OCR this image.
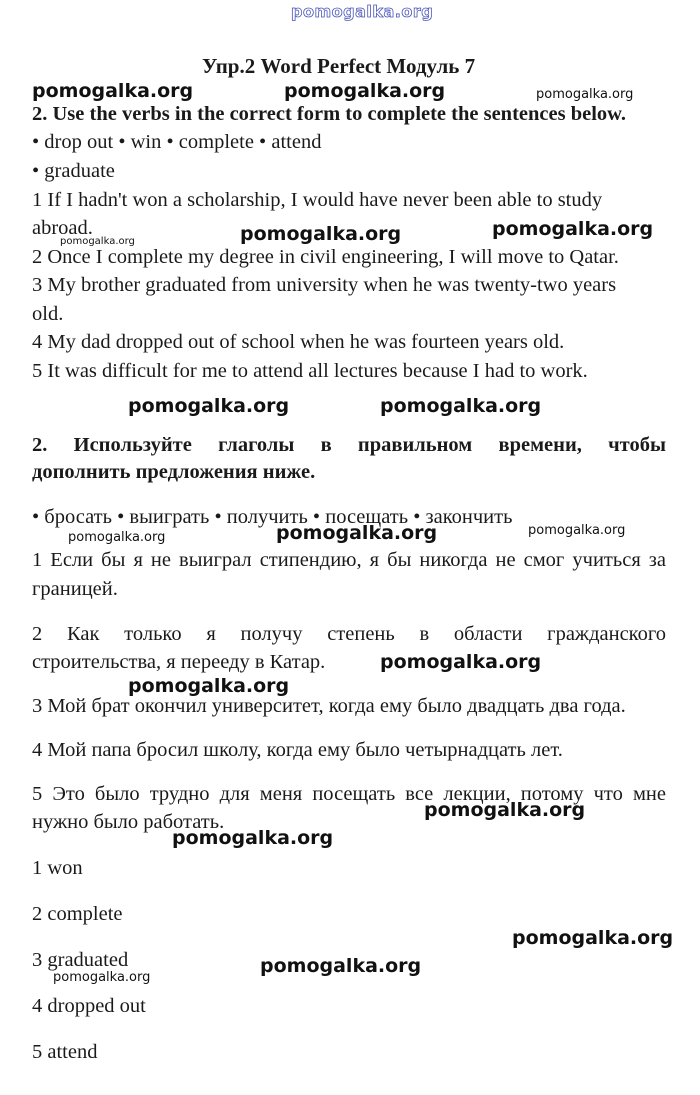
pomogalka.org

Упр.2 Word Perfect Модуль 7

2. Use the verbs in the correct form to complete the sentences below.

• drop out • win • complete • attend

• graduate

1 If I hadn't won a scholarship, I would have never been able to study

abroad.

2 Once I complete my degree in civil engineering, I will move to Qatar.

3 My brother graduated from university when he was twenty-two years

old.

4 My dad dropped out of school when he was fourteen years old.

5 It was difficult for me to attend all lectures because I had to work.

2. Используйте глаголы в правильном времени, чтобы

дополнить предложения ниже.

• бросать • выиграть • получить • посещать • закончить

1 Если бы я не выиграл стипендию, я бы никогда не смог учиться за

границей.

2 Как только я получу степень в области гражданского

строительства, я перееду в Катар.

3 Мой брат окончил университет, когда ему было двадцать два года.

4 Мой папа бросил школу, когда ему было четырнадцать лет.

5 Это было трудно для меня посещать все лекции, потому что мне

нужно было работать.

1 won

2 complete

3 graduated

4 dropped out

5 attend

pomogalka.org	pomogalka.org	pomogalka.org

pomogalka.org	pomogalka.org	pomogalka.org

pomogalka.org	pomogalka.org

pomogalka.org	pomogalka.org	pomogalka.org

pomogalka.org

pomogalka.org

pomogalka.org

pomogalka.org

pomogalka.org

pomogalka.org

pomogalka.org
